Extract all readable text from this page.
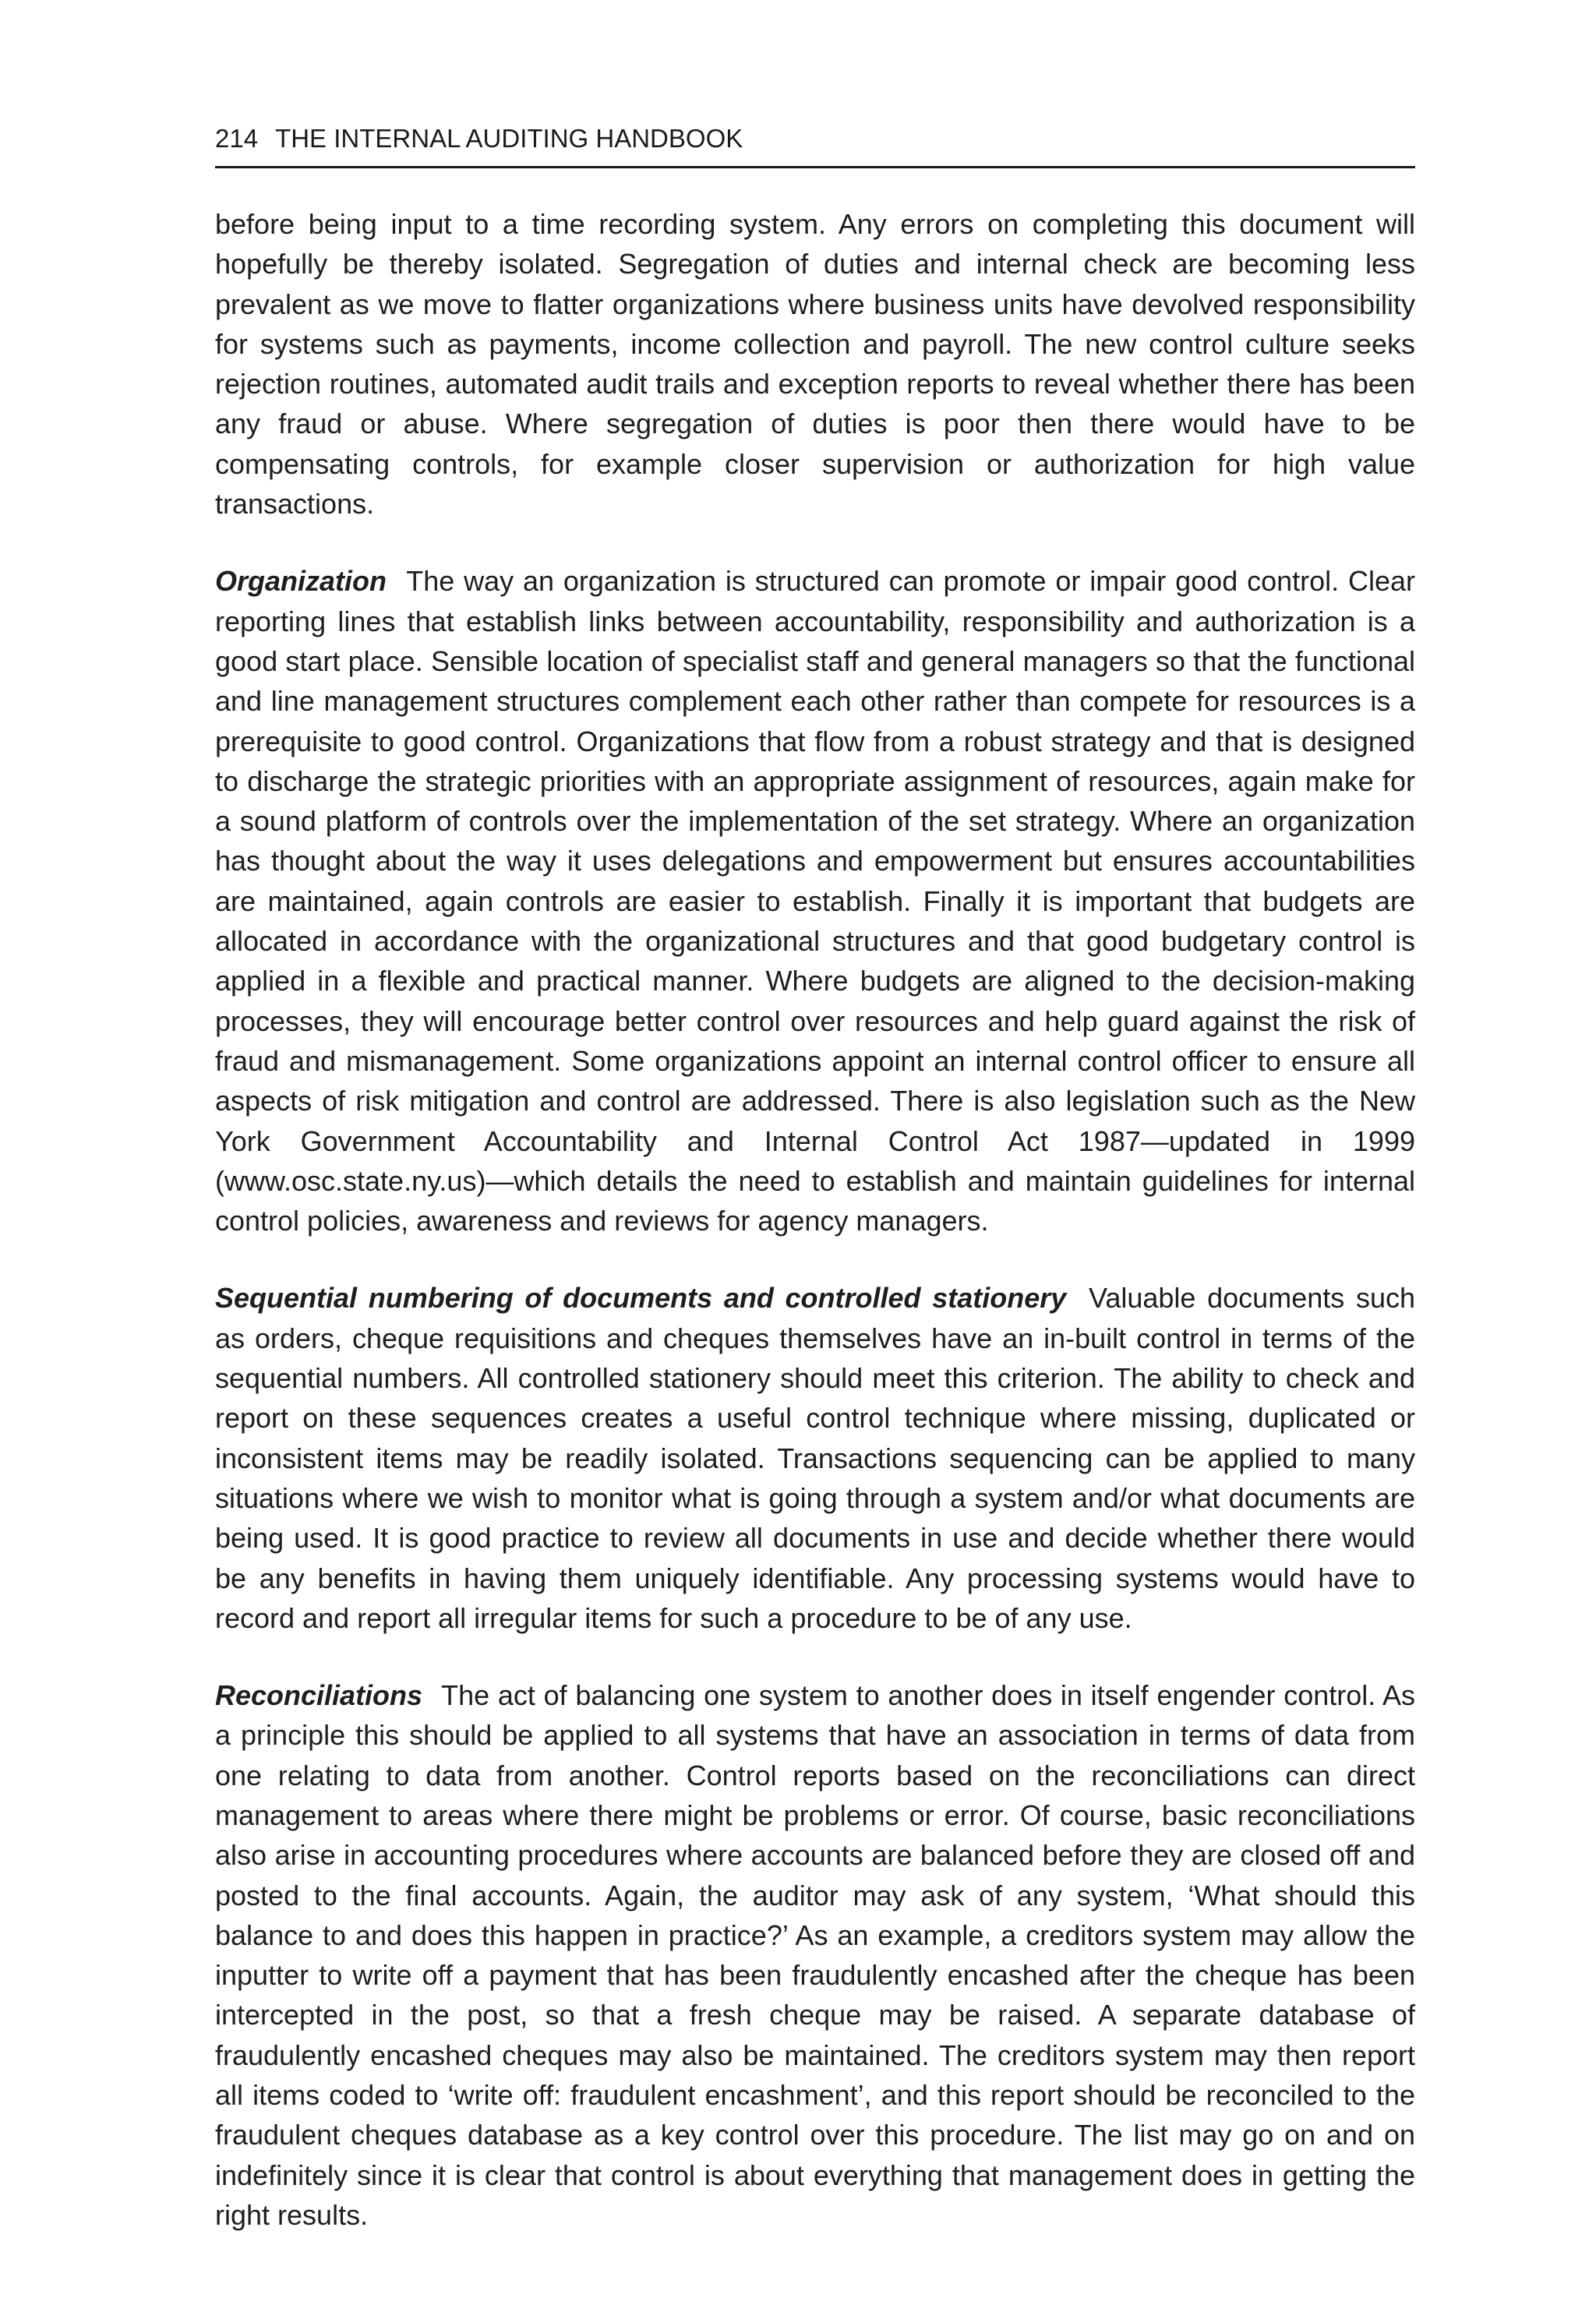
214 THE INTERNAL AUDITING HANDBOOK

before being input to a time recording system. Any errors on completing this document will hopefully be thereby isolated. Segregation of duties and internal check are becoming less prevalent as we move to flatter organizations where business units have devolved responsibility for systems such as payments, income collection and payroll. The new control culture seeks rejection routines, automated audit trails and exception reports to reveal whether there has been any fraud or abuse. Where segregation of duties is poor then there would have to be compensating controls, for example closer supervision or authorization for high value transactions.

Organization The way an organization is structured can promote or impair good control. Clear reporting lines that establish links between accountability, responsibility and authorization is a good start place. Sensible location of specialist staff and general managers so that the functional and line management structures complement each other rather than compete for resources is a prerequisite to good control. Organizations that flow from a robust strategy and that is designed to discharge the strategic priorities with an appropriate assignment of resources, again make for a sound platform of controls over the implementation of the set strategy. Where an organization has thought about the way it uses delegations and empowerment but ensures accountabilities are maintained, again controls are easier to establish. Finally it is important that budgets are allocated in accordance with the organizational structures and that good budgetary control is applied in a flexible and practical manner. Where budgets are aligned to the decision-making processes, they will encourage better control over resources and help guard against the risk of fraud and mismanagement. Some organizations appoint an internal control officer to ensure all aspects of risk mitigation and control are addressed. There is also legislation such as the New York Government Accountability and Internal Control Act 1987—updated in 1999 (www.osc.state.ny.us)—which details the need to establish and maintain guidelines for internal control policies, awareness and reviews for agency managers.

Sequential numbering of documents and controlled stationery Valuable documents such as orders, cheque requisitions and cheques themselves have an in-built control in terms of the sequential numbers. All controlled stationery should meet this criterion. The ability to check and report on these sequences creates a useful control technique where missing, duplicated or inconsistent items may be readily isolated. Transactions sequencing can be applied to many situations where we wish to monitor what is going through a system and/or what documents are being used. It is good practice to review all documents in use and decide whether there would be any benefits in having them uniquely identifiable. Any processing systems would have to record and report all irregular items for such a procedure to be of any use.

Reconciliations The act of balancing one system to another does in itself engender control. As a principle this should be applied to all systems that have an association in terms of data from one relating to data from another. Control reports based on the reconciliations can direct management to areas where there might be problems or error. Of course, basic reconciliations also arise in accounting procedures where accounts are balanced before they are closed off and posted to the final accounts. Again, the auditor may ask of any system, ‘What should this balance to and does this happen in practice?’ As an example, a creditors system may allow the inputter to write off a payment that has been fraudulently encashed after the cheque has been intercepted in the post, so that a fresh cheque may be raised. A separate database of fraudulently encashed cheques may also be maintained. The creditors system may then report all items coded to ‘write off: fraudulent encashment’, and this report should be reconciled to the fraudulent cheques database as a key control over this procedure. The list may go on and on indefinitely since it is clear that control is about everything that management does in getting the right results.
